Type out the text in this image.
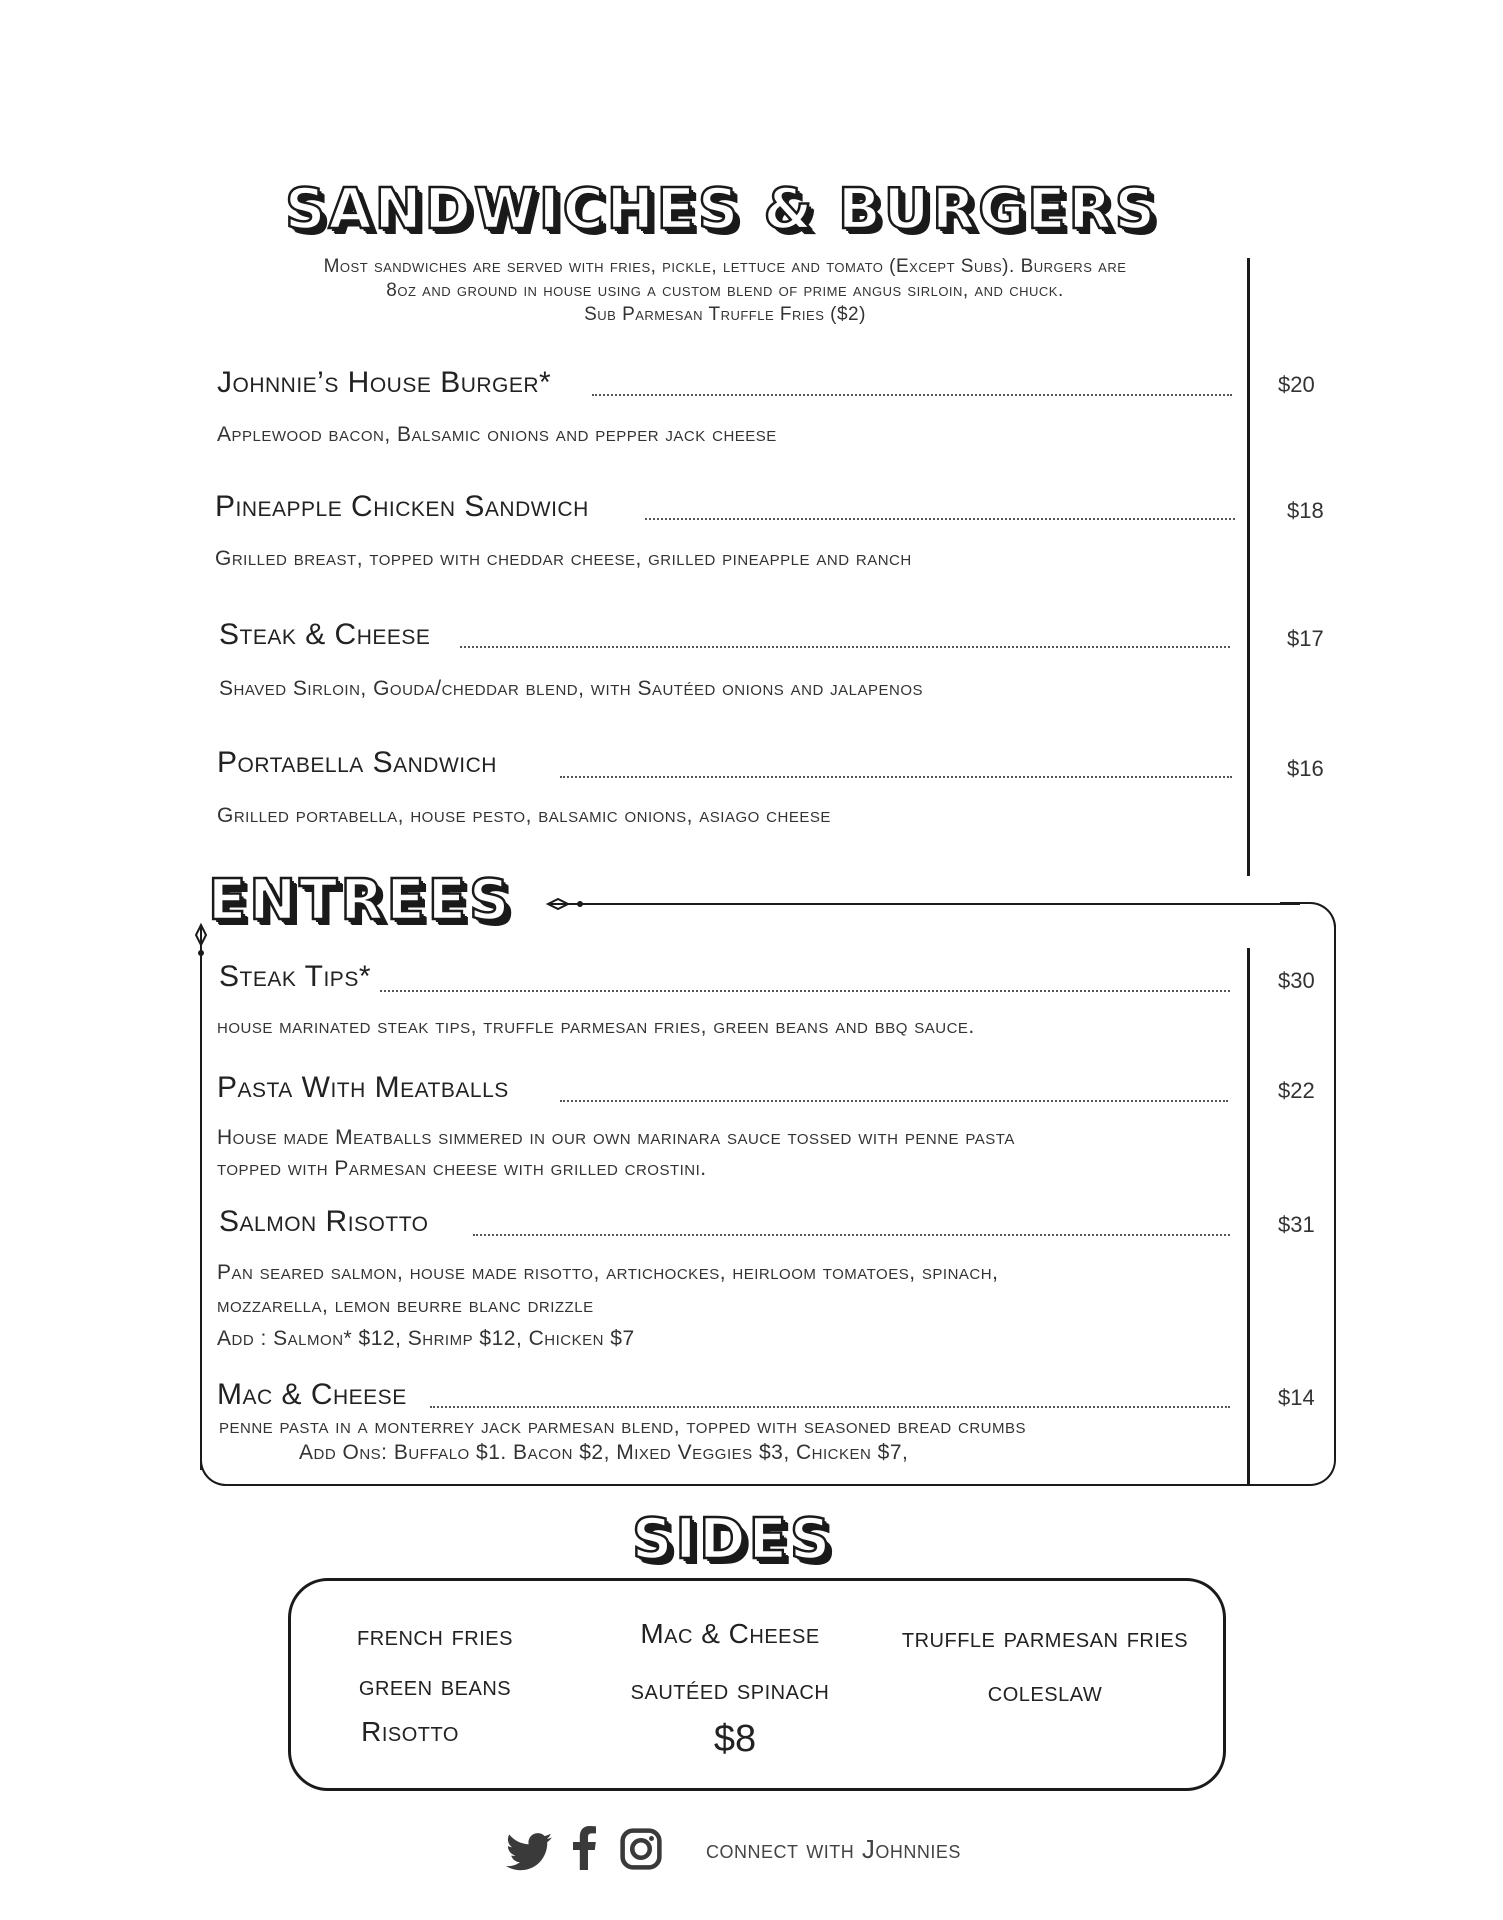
SANDWICHES & BURGERS
Most sandwiches are served with fries, pickle, lettuce and tomato (Except Subs). Burgers are
8oz and ground in house using a custom blend of prime angus sirloin, and chuck.
Sub Parmesan Truffle Fries ($2)
Johnnie’s House Burger*	$20
Applewood bacon, Balsamic onions and pepper jack cheese
Pineapple Chicken Sandwich	$18
Grilled breast, topped with cheddar cheese, grilled pineapple and ranch
Steak & Cheese	$17
Shaved Sirloin, Gouda/cheddar blend, with Sautéed onions and jalapenos
Portabella Sandwich	$16
Grilled portabella, house pesto, balsamic onions, asiago cheese
ENTREES
Steak Tips*	$30
house marinated steak tips, truffle parmesan fries, green beans and bbq sauce.
Pasta With Meatballs	$22
House made Meatballs simmered in our own marinara sauce tossed with penne pasta
topped with Parmesan cheese with grilled crostini.
Salmon Risotto	$31
Pan seared salmon, house made risotto, artichockes, heirloom tomatoes, spinach,
mozzarella, lemon beurre blanc drizzle
Add : Salmon* $12, Shrimp $12, Chicken $7
Mac & Cheese	$14
penne pasta in a monterrey jack parmesan blend, topped with seasoned bread crumbs
Add Ons: Buffalo $1. Bacon $2, Mixed Veggies $3, Chicken $7,
SIDES
french fries	Mac & Cheese	truffle parmesan fries
green beans	sautéed spinach	coleslaw
Risotto	$8
connect with Johnnies
